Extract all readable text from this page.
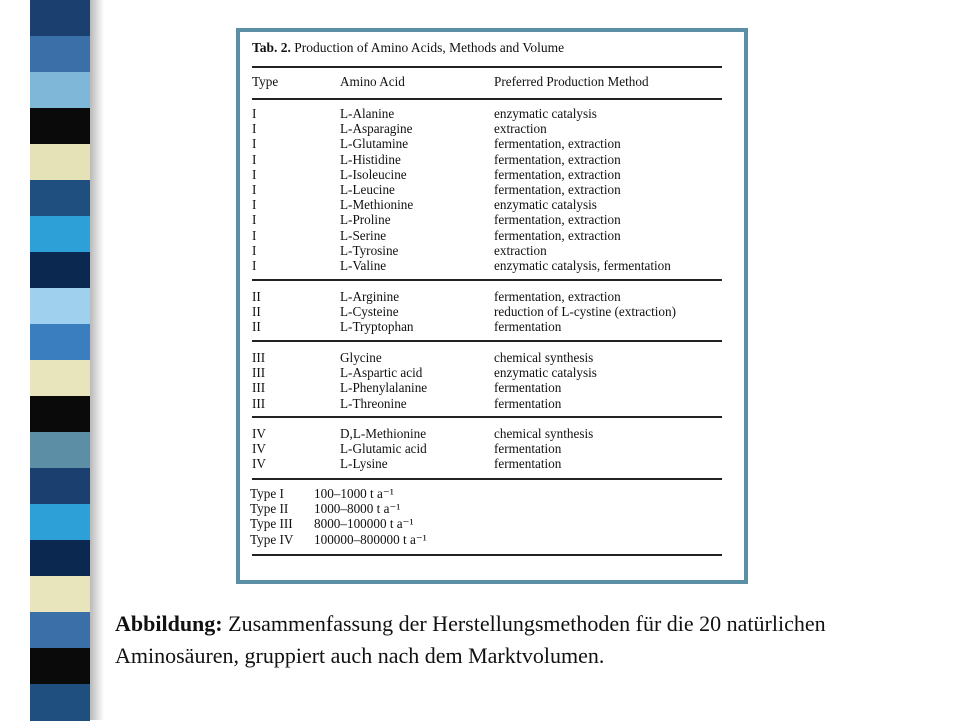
Tab. 2. Production of Amino Acids, Methods and Volume
Type	Amino Acid	Preferred Production Method
I	L-Alanine	enzymatic catalysis
I	L-Asparagine	extraction
I	L-Glutamine	fermentation, extraction
I	L-Histidine	fermentation, extraction
I	L-Isoleucine	fermentation, extraction
I	L-Leucine	fermentation, extraction
I	L-Methionine	enzymatic catalysis
I	L-Proline	fermentation, extraction
I	L-Serine	fermentation, extraction
I	L-Tyrosine	extraction
I	L-Valine	enzymatic catalysis, fermentation
II	L-Arginine	fermentation, extraction
II	L-Cysteine	reduction of L-cystine (extraction)
II	L-Tryptophan	fermentation
III	Glycine	chemical synthesis
III	L-Aspartic acid	enzymatic catalysis
III	L-Phenylalanine	fermentation
III	L-Threonine	fermentation
IV	D,L-Methionine	chemical synthesis
IV	L-Glutamic acid	fermentation
IV	L-Lysine	fermentation
Type I 100–1000 t a⁻¹
Type II 1000–8000 t a⁻¹
Type III 8000–100000 t a⁻¹
Type IV 100000–800000 t a⁻¹
Abbildung: Zusammenfassung der Herstellungsmethoden für die 20 natürlichen Aminosäuren, gruppiert auch nach dem Marktvolumen.
